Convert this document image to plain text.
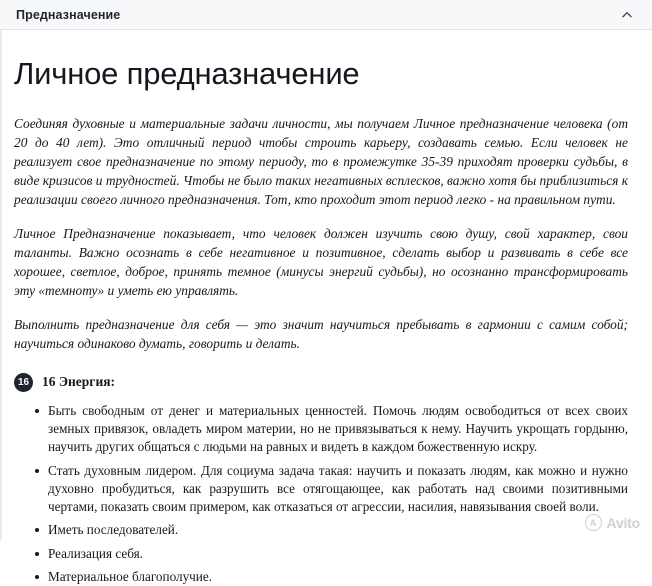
Предназначение
Личное предназначение

Соединяя духовные и материальные задачи личности, мы получаем Личное предназначение человека (от 20 до 40 лет). Это отличный период чтобы строить карьеру, создавать семью. Если человек не реализует свое предназначение по этому периоду, то в промежутке 35-39 приходят проверки судьбы, в виде кризисов и трудностей. Чтобы не было таких негативных всплесков, важно хотя бы приблизиться к реализации своего личного предназначения. Тот, кто проходит этот период легко - на правильном пути.

Личное Предназначение показывает, что человек должен изучить свою душу, свой характер, свои таланты. Важно осознать в себе негативное и позитивное, сделать выбор и развивать в себе все хорошее, светлое, доброе, принять темное (минусы энергий судьбы), но осознанно трансформировать эту «темноту» и уметь ею управлять.

Выполнить предназначение для себя — это значит научиться пребывать в гармонии с самим собой; научиться одинаково думать, говорить и делать.

16 16 Энергия:
Быть свободным от денег и материальных ценностей. Помочь людям освободиться от всех своих земных привязок, овладеть миром материи, но не привязываться к нему. Научить укрощать гордыню, научить других общаться с людьми на равных и видеть в каждом божественную искру.
Стать духовным лидером. Для социума задача такая: научить и показать людям, как можно и нужно духовно пробудиться, как разрушить все отягощающее, как работать над своими позитивными чертами, показать своим примером, как отказаться от агрессии, насилия, навязывания своей воли.
Иметь последователей.
Реализация себя.
Материальное благополучие.
A Avito
